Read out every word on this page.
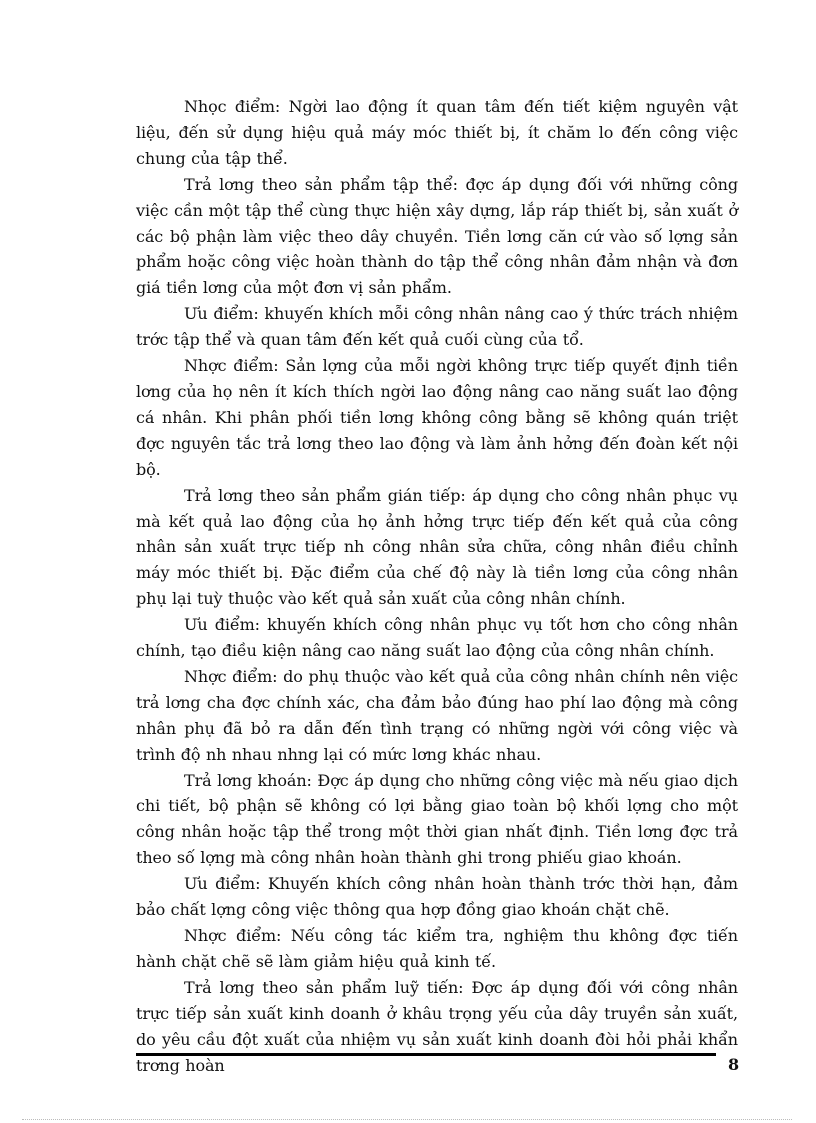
Nhọc điểm: Ngời lao động ít quan tâm đến tiết kiệm nguyên vật liệu, đến sử dụng hiệu quả máy móc thiết bị, ít chăm lo đến công việc chung của tập thể.

Trả lơng theo sản phẩm tập thể: đợc áp dụng đối với những công việc cần một tập thể cùng thực hiện xây dựng, lắp ráp thiết bị, sản xuất ở các bộ phận làm việc theo dây chuyền. Tiền lơng căn cứ vào số lợng sản phẩm hoặc công việc hoàn thành do tập thể công nhân đảm nhận và đơn giá tiền lơng của một đơn vị sản phẩm.

Ưu điểm: khuyến khích mỗi công nhân nâng cao ý thức trách nhiệm trớc tập thể và quan tâm đến kết quả cuối cùng của tổ.

Nhợc điểm: Sản lợng của mỗi ngời không trực tiếp quyết định tiền lơng của họ nên ít kích thích ngời lao động nâng cao năng suất lao động cá nhân. Khi phân phối tiền lơng không công bằng sẽ không quán triệt đợc nguyên tắc trả lơng theo lao động và làm ảnh hởng đến đoàn kết nội bộ.

Trả lơng theo sản phẩm gián tiếp: áp dụng cho công nhân phục vụ mà kết quả lao động của họ ảnh hởng trực tiếp đến kết quả của công nhân sản xuất trực tiếp nh công nhân sửa chữa, công nhân điều chỉnh máy móc thiết bị. Đặc điểm của chế độ này là tiền lơng của công nhân phụ lại tuỳ thuộc vào kết quả sản xuất của công nhân chính.

Ưu điểm: khuyến khích công nhân phục vụ tốt hơn cho công nhân chính, tạo điều kiện nâng cao năng suất lao động của công nhân chính.

Nhợc điểm: do phụ thuộc vào kết quả của công nhân chính nên việc trả lơng cha đợc chính xác, cha đảm bảo đúng hao phí lao động mà công nhân phụ đã bỏ ra dẫn đến tình trạng có những ngời với công việc và trình độ nh nhau nhng lại có mức lơng khác nhau.

Trả lơng khoán: Đợc áp dụng cho những công việc mà nếu giao dịch chi tiết, bộ phận sẽ không có lợi bằng giao toàn bộ khối lợng cho một công nhân hoặc tập thể trong một thời gian nhất định. Tiền lơng đợc trả theo số lợng mà công nhân hoàn thành ghi trong phiếu giao khoán.

Ưu điểm: Khuyến khích công nhân hoàn thành trớc thời hạn, đảm bảo chất lợng công việc thông qua hợp đồng giao khoán chặt chẽ.

Nhợc điểm: Nếu công tác kiểm tra, nghiệm thu không đợc tiến hành chặt chẽ sẽ làm giảm hiệu quả kinh tế.

Trả lơng theo sản phẩm luỹ tiến: Đợc áp dụng đối với công nhân trực tiếp sản xuất kinh doanh ở khâu trọng yếu của dây truyền sản xuất, do yêu cầu đột xuất của nhiệm vụ sản xuất kinh doanh đòi hỏi phải khẩn trơng hoàn	8
